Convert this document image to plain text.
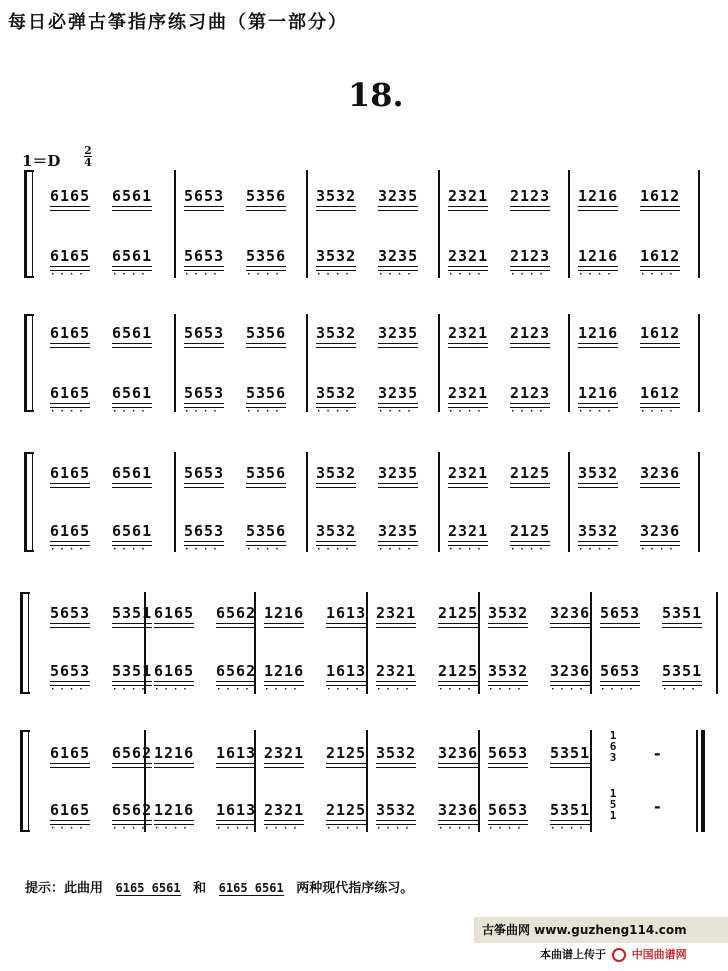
每日必弹古筝指序练习曲（第一部分）
18.
1＝D
2
4
6165 6561
6165
····
6561
····
5653 5356
5653
····
5356
····
3532 3235
3532
····
3235
····
2321 2123
2321
····
2123
····
1216 1612
1216
····
1612
····
6165 6561
6165
····
6561
····
5653 5356
5653
····
5356
····
3532 3235
3532
····
3235
····
2321 2123
2321
····
2123
····
1216 1612
1216
····
1612
····
6165 6561
6165
····
6561
····
5653 5356
5653
····
5356
····
3532 3235
3532
····
3235
····
2321 2125
2321
····
2125
····
3532 3236
3532
····
3236
····
5653 5351
5653
····
5351
····
6165 6562
6165
····
6562
····
1216 1613
1216
····
1613
····
2321 2125
2321
····
2125
····
3532 3236
3532
····
3236
····
5653 5351
5653
····
5351
····
6165 6562
6165
····
6562
····
1216 1613
1216
····
1613
····
2321 2125
2321
····
2125
····
3532 3236
3532
····
3236
····
5653 5351
5653
····
5351
····
1
6
3
1
5
1
-
-
提示：此曲用 6165 6561 和 6165 6561 两种现代指序练习。
古筝曲网 www.guzheng114.com
本曲谱上传于 中国曲谱网
